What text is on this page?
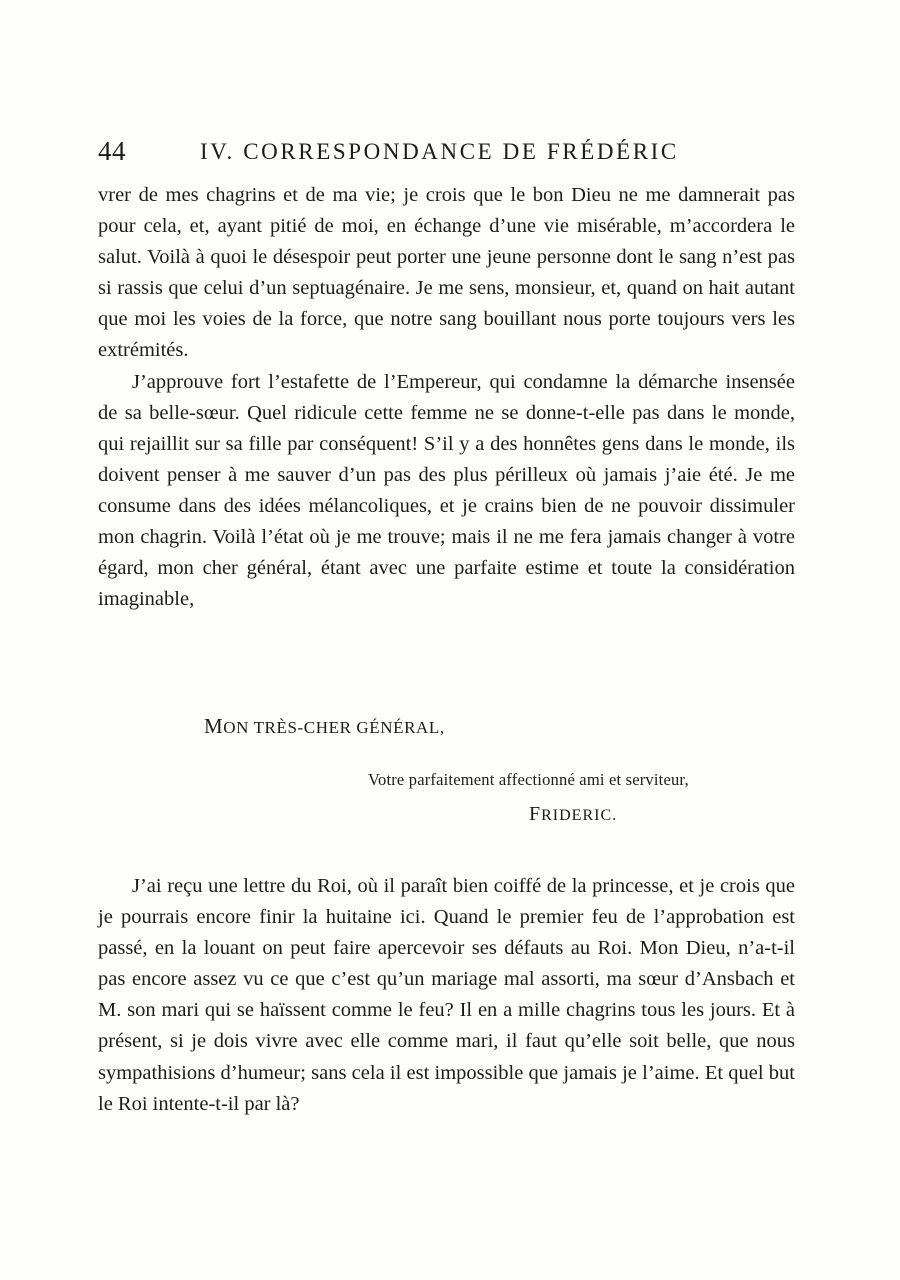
44	IV. CORRESPONDANCE DE FRÉDÉRIC

vrer de mes chagrins et de ma vie; je crois que le bon Dieu ne me damnerait pas pour cela, et, ayant pitié de moi, en échange d’une vie misérable, m’accordera le salut. Voilà à quoi le désespoir peut porter une jeune personne dont le sang n’est pas si rassis que celui d’un septuagénaire. Je me sens, monsieur, et, quand on hait autant que moi les voies de la force, que notre sang bouillant nous porte toujours vers les extrémités.

J’approuve fort l’estafette de l’Empereur, qui condamne la démarche insensée de sa belle-sœur. Quel ridicule cette femme ne se donne-t-elle pas dans le monde, qui rejaillit sur sa fille par conséquent! S’il y a des honnêtes gens dans le monde, ils doivent penser à me sauver d’un pas des plus périlleux où jamais j’aie été. Je me consume dans des idées mélancoliques, et je crains bien de ne pouvoir dissimuler mon chagrin. Voilà l’état où je me trouve; mais il ne me fera jamais changer à votre égard, mon cher général, étant avec une parfaite estime et toute la considération imaginable,

MON TRÈS-CHER GÉNÉRAL,
Votre parfaitement affectionné ami et serviteur,
FRIDERIC.

J’ai reçu une lettre du Roi, où il paraît bien coiffé de la princesse, et je crois que je pourrais encore finir la huitaine ici. Quand le premier feu de l’approbation est passé, en la louant on peut faire apercevoir ses défauts au Roi. Mon Dieu, n’a-t-il pas encore assez vu ce que c’est qu’un mariage mal assorti, ma sœur d’Ansbach et M. son mari qui se haïssent comme le feu? Il en a mille chagrins tous les jours. Et à présent, si je dois vivre avec elle comme mari, il faut qu’elle soit belle, que nous sympathisions d’humeur; sans cela il est impossible que jamais je l’aime. Et quel but le Roi intente-t-il par là?
